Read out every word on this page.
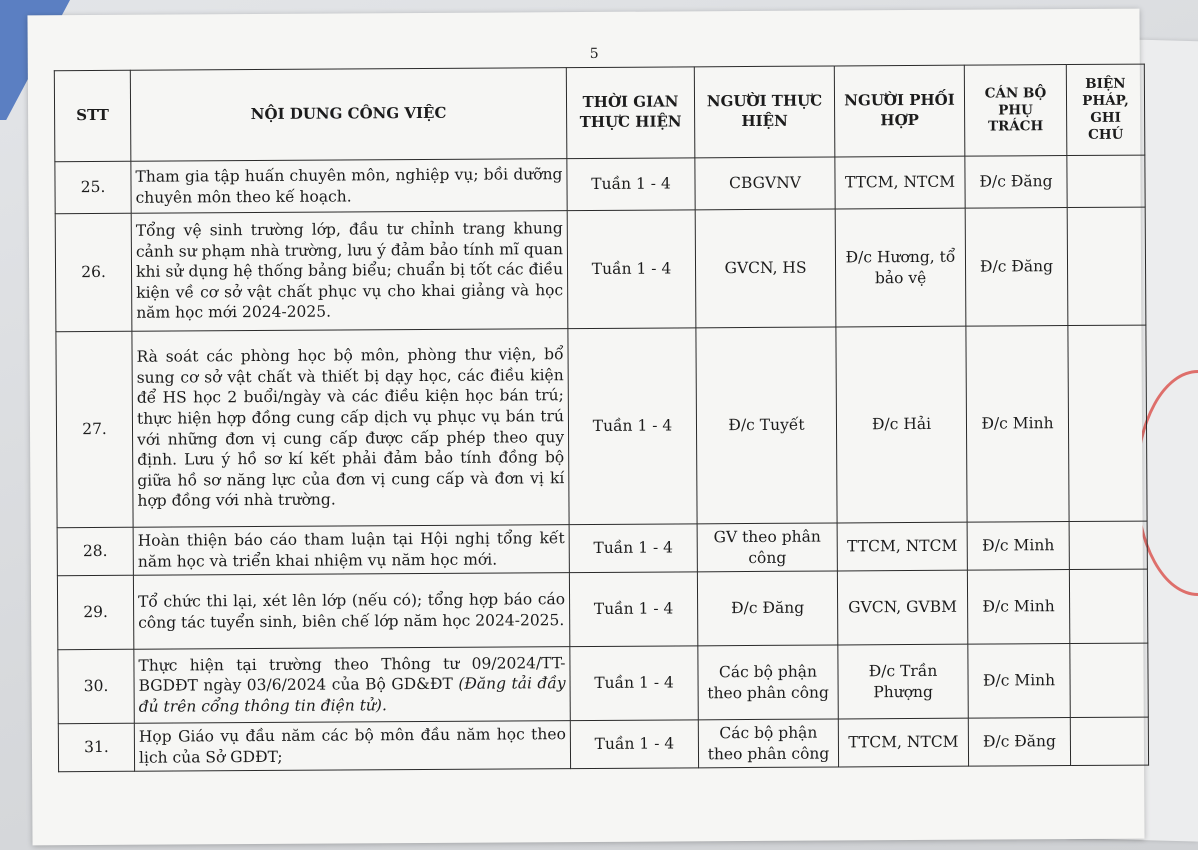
5
STT	NỘI DUNG CÔNG VIỆC	THỜI GIAN THỰC HIỆN	NGƯỜI THỰC HIỆN	NGƯỜI PHỐI HỢP	CÁN BỘ PHỤ TRÁCH	BIỆN PHÁP, GHI CHÚ
25.	Tham gia tập huấn chuyên môn, nghiệp vụ; bồi dưỡng chuyên môn theo kế hoạch.	Tuần 1 - 4	CBGVNV	TTCM, NTCM	Đ/c Đăng	
26.	Tổng vệ sinh trường lớp, đầu tư chỉnh trang khung cảnh sư phạm nhà trường, lưu ý đảm bảo tính mĩ quan khi sử dụng hệ thống bảng biểu; chuẩn bị tốt các điều kiện về cơ sở vật chất phục vụ cho khai giảng và học năm học mới 2024-2025.	Tuần 1 - 4	GVCN, HS	Đ/c Hương, tổ bảo vệ	Đ/c Đăng	
27.	Rà soát các phòng học bộ môn, phòng thư viện, bổ sung cơ sở vật chất và thiết bị dạy học, các điều kiện để HS học 2 buổi/ngày và các điều kiện học bán trú; thực hiện hợp đồng cung cấp dịch vụ phục vụ bán trú với những đơn vị cung cấp được cấp phép theo quy định. Lưu ý hồ sơ kí kết phải đảm bảo tính đồng bộ giữa hồ sơ năng lực của đơn vị cung cấp và đơn vị kí hợp đồng với nhà trường.	Tuần 1 - 4	Đ/c Tuyết	Đ/c Hải	Đ/c Minh	
28.	Hoàn thiện báo cáo tham luận tại Hội nghị tổng kết năm học và triển khai nhiệm vụ năm học mới.	Tuần 1 - 4	GV theo phân công	TTCM, NTCM	Đ/c Minh	
29.	Tổ chức thi lại, xét lên lớp (nếu có); tổng hợp báo cáo công tác tuyển sinh, biên chế lớp năm học 2024-2025.	Tuần 1 - 4	Đ/c Đăng	GVCN, GVBM	Đ/c Minh	
30.	Thực hiện tại trường theo Thông tư 09/2024/TT-BGDĐT ngày 03/6/2024 của Bộ GD&ĐT (Đăng tải đầy đủ trên cổng thông tin điện tử).	Tuần 1 - 4	Các bộ phận theo phân công	Đ/c Trần Phượng	Đ/c Minh	
31.	Họp Giáo vụ đầu năm các bộ môn đầu năm học theo lịch của Sở GDĐT;	Tuần 1 - 4	Các bộ phận theo phân công	TTCM, NTCM	Đ/c Đăng	
